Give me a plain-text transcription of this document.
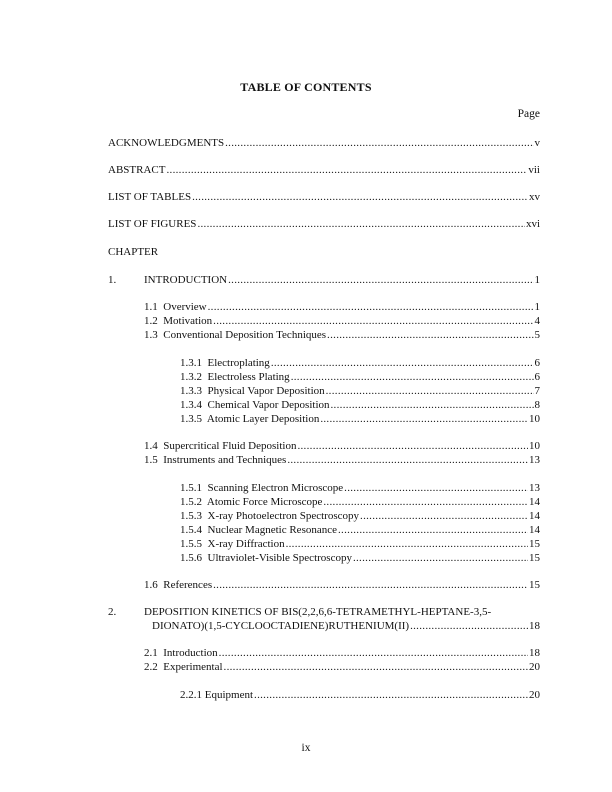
TABLE OF CONTENTS
Page
ACKNOWLEDGMENTS .....	v
ABSTRACT .....	vii
LIST OF TABLES .....	xv
LIST OF FIGURES .....	xvi
CHAPTER
1.	INTRODUCTION .....	1
1.1 Overview .....	1
1.2 Motivation .....	4
1.3 Conventional Deposition Techniques .....	5
1.3.1 Electroplating .....	6
1.3.2 Electroless Plating .....	6
1.3.3 Physical Vapor Deposition .....	7
1.3.4 Chemical Vapor Deposition .....	8
1.3.5 Atomic Layer Deposition .....	10
1.4 Supercritical Fluid Deposition .....	10
1.5 Instruments and Techniques .....	13
1.5.1 Scanning Electron Microscope .....	13
1.5.2 Atomic Force Microscope .....	14
1.5.3 X-ray Photoelectron Spectroscopy .....	14
1.5.4 Nuclear Magnetic Resonance .....	14
1.5.5 X-ray Diffraction .....	15
1.5.6 Ultraviolet-Visible Spectroscopy .....	15
1.6 References .....	15
2.	DEPOSITION KINETICS OF BIS(2,2,6,6-TETRAMETHYL-HEPTANE-3,5-
DIONATO)(1,5-CYCLOOCTADIENE)RUTHENIUM(II) .....	18
2.1 Introduction .....	18
2.2 Experimental .....	20
2.2.1 Equipment .....	20
ix
